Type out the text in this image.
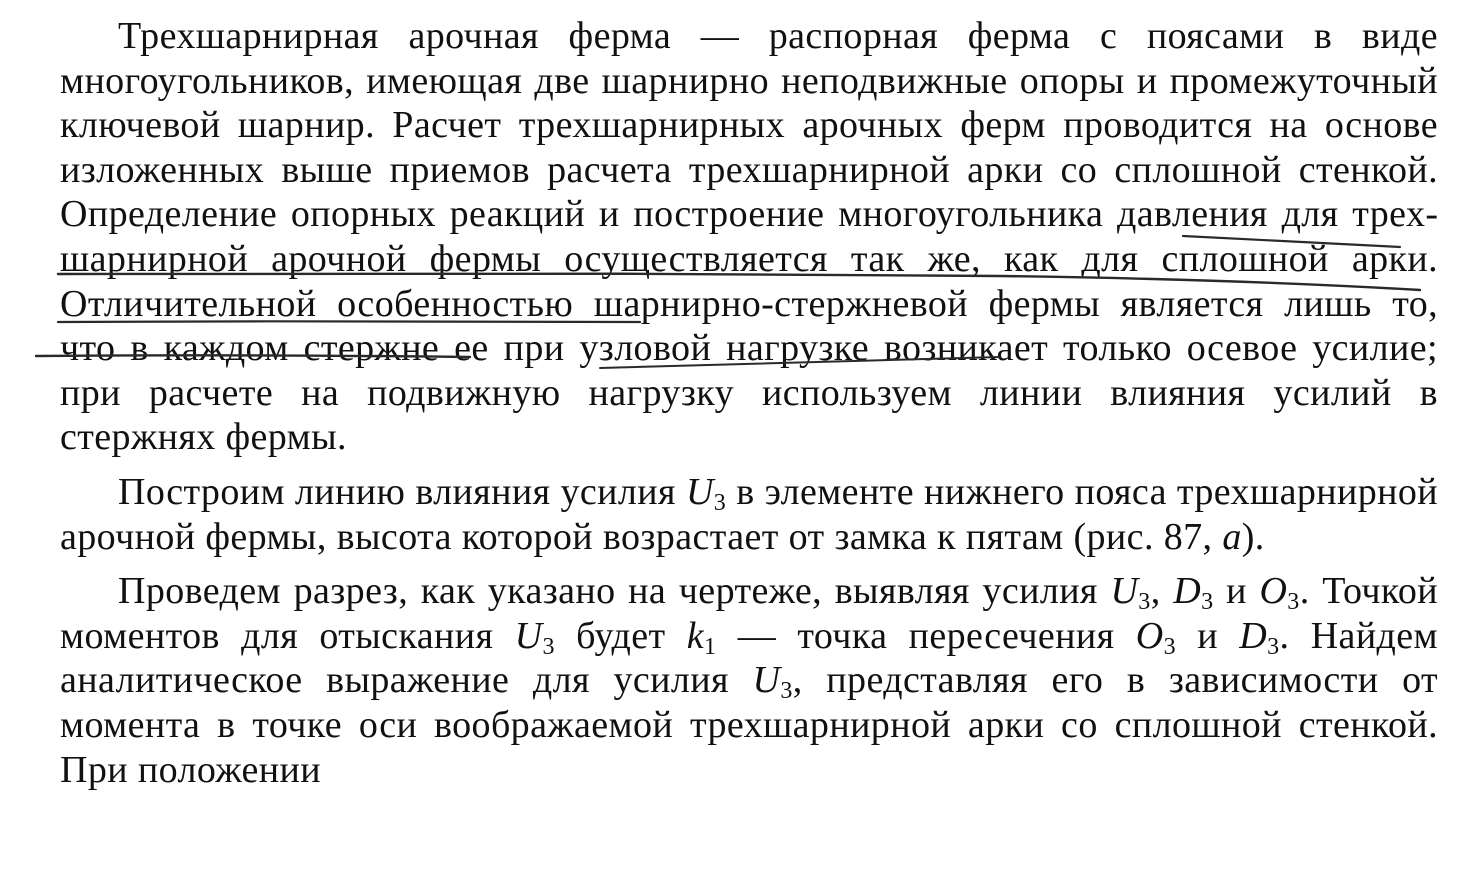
Трехшарнирная арочная ферма — распорная ферма с поясами в виде многоугольников, имеющая две шарнирно неподвижные опоры и промежуточный ключевой шарнир. Расчет трехшарнирных арочных ферм проводится на основе изложенных выше приемов расчета трехшарнирной арки со сплошной стенкой. Определение опорных реакций и построение многоугольника давления для трехшарнирной арочной фермы осуществляется так же, как для сплошной арки. Отличительной особенностью шарнирно-стержневой фермы является лишь то, что в каждом стержне ее при узловой нагрузке возникает только осевое усилие; при расчете на подвижную нагрузку используем линии влияния усилий в стержнях фермы.

Построим линию влияния усилия $U_3$ в элементе нижнего пояса трехшарнирной арочной фермы, высота которой возрастает от замка к пятам (рис. 87, а).

Проведем разрез, как указано на чертеже, выявляя усилия $U_3$, $D_3$ и $O_3$. Точкой моментов для отыскания $U_3$ будет $k_1$ — точка пересечения $O_3$ и $D_3$. Найдем аналитическое выражение для усилия $U_3$, представляя его в зависимости от момента в точке оси воображаемой трехшарнирной арки со сплошной стенкой. При положении
